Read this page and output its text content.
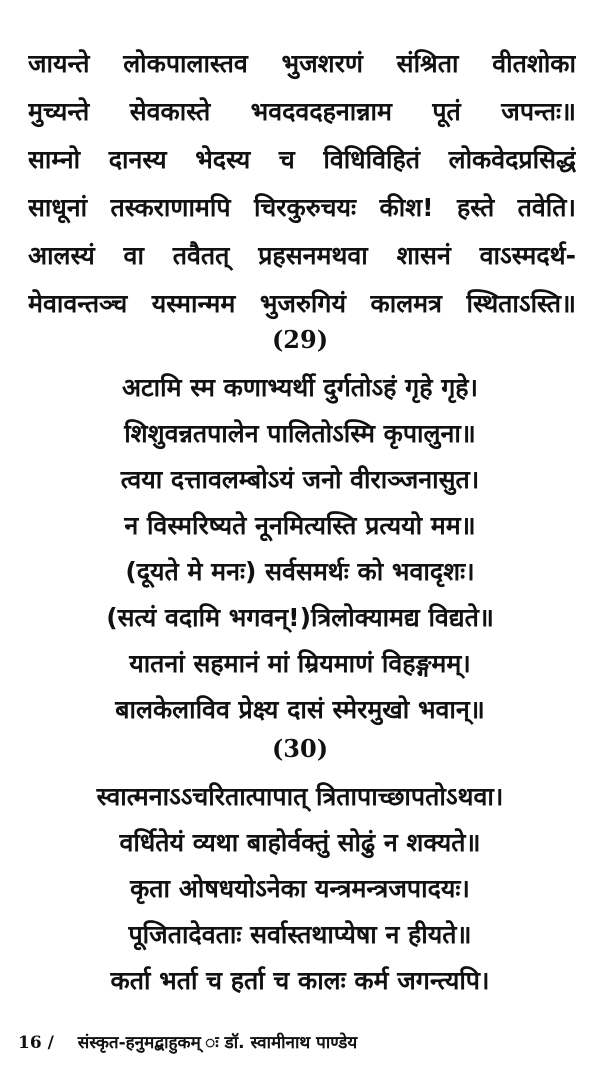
जायन्ते लोकपालास्तव भुजशरणं संश्रिता वीतशोका
मुच्यन्ते सेवकास्ते भवदवदहनान्नाम पूतं जपन्तः॥
साम्नो दानस्य भेदस्य च विधिविहितं लोकवेदप्रसिद्धं
साधूनां तस्कराणामपि चिरकुरुचयः कीश! हस्ते तवेति।
आलस्यं वा तवैतत् प्रहसनमथवा शासनं वाऽस्मदर्थ-
मेवावन्तञ्च यस्मान्मम भुजरुगियं कालमत्र स्थिताऽस्ति॥
(29)
अटामि स्म कणाभ्यर्थी दुर्गतोऽहं गृहे गृहे।
शिशुवन्नतपालेन पालितोऽस्मि कृपालुना॥
त्वया दत्तावलम्बोऽयं जनो वीराञ्जनासुत।
न विस्मरिष्यते नूनमित्यस्ति प्रत्ययो मम॥
(दूयते मे मनः) सर्वसमर्थः को भवादृशः।
(सत्यं वदामि भगवन्!)त्रिलोक्यामद्य विद्यते॥
यातनां सहमानं मां म्रियमाणं विहङ्गमम्।
बालकेलाविव प्रेक्ष्य दासं स्मेरमुखो भवान्॥
(30)
स्वात्मनाऽऽचरितात्पापात् त्रितापाच्छापतोऽथवा।
वर्धितेयं व्यथा बाहोर्वक्तुं सोढुं न शक्यते॥
कृता ओषधयोऽनेका यन्त्रमन्त्रजपादयः।
पूजितादेवताः सर्वास्तथाप्येषा न हीयते॥
कर्ता भर्ता च हर्ता च कालः कर्म जगन्त्यपि।
16 / संस्कृत-हनुमद्बाहुकम् ः डॉ. स्वामीनाथ पाण्डेय
